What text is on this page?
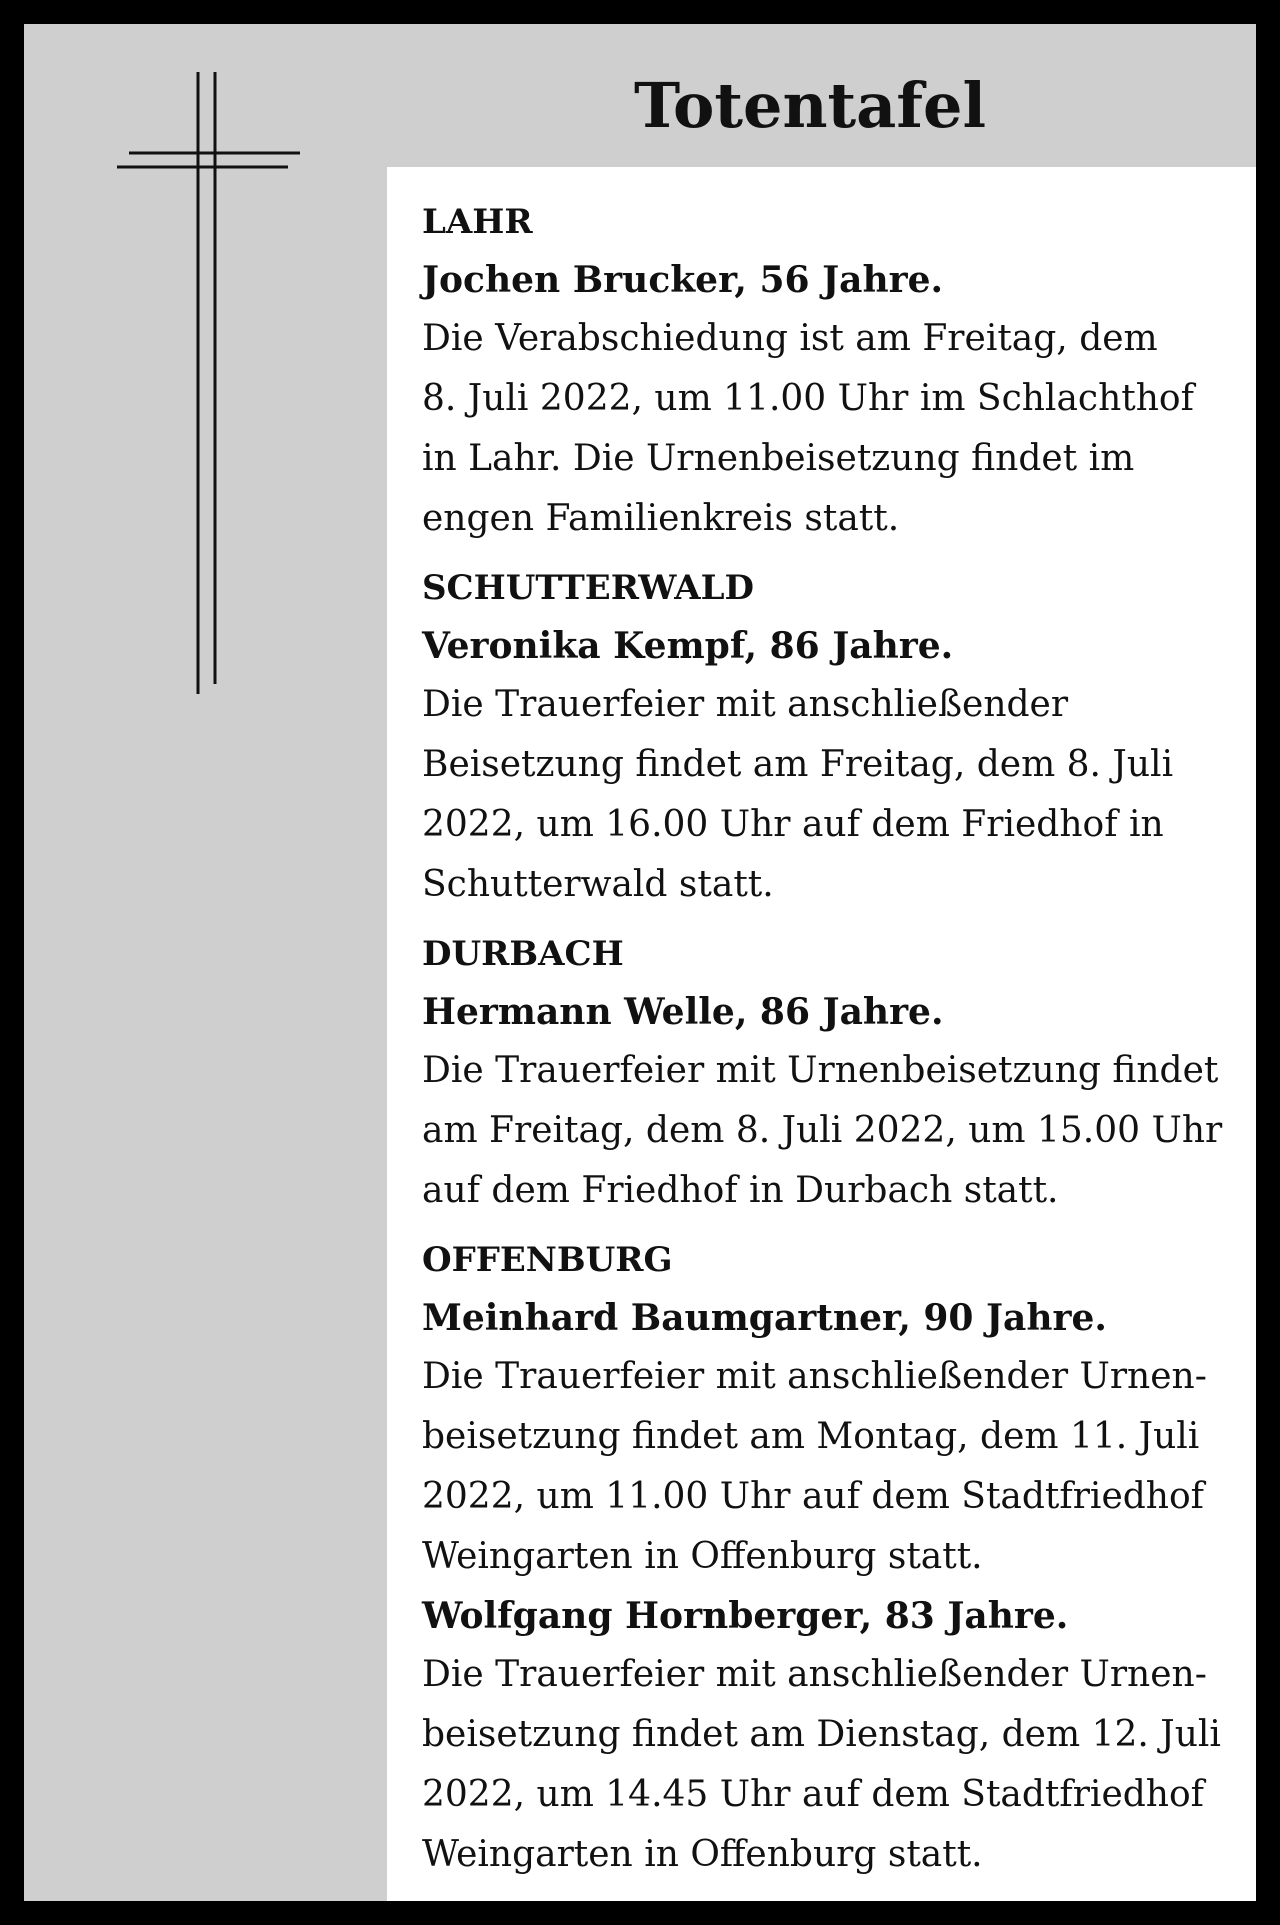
Totentafel

LAHR

Jochen Brucker, 56 Jahre.

Die Verabschiedung ist am Freitag, dem

8. Juli 2022, um 11.00 Uhr im Schlachthof

in Lahr. Die Urnenbeisetzung findet im

engen Familienkreis statt.

SCHUTTERWALD

Veronika Kempf, 86 Jahre.

Die Trauerfeier mit anschließender

Beisetzung findet am Freitag, dem 8. Juli

2022, um 16.00 Uhr auf dem Friedhof in

Schutterwald statt.

DURBACH

Hermann Welle, 86 Jahre.

Die Trauerfeier mit Urnenbeisetzung findet

am Freitag, dem 8. Juli 2022, um 15.00 Uhr

auf dem Friedhof in Durbach statt.

OFFENBURG

Meinhard Baumgartner, 90 Jahre.

Die Trauerfeier mit anschließender Urnen-

beisetzung findet am Montag, dem 11. Juli

2022, um 11.00 Uhr auf dem Stadtfriedhof

Weingarten in Offenburg statt.

Wolfgang Hornberger, 83 Jahre.

Die Trauerfeier mit anschließender Urnen-

beisetzung findet am Dienstag, dem 12. Juli

2022, um 14.45 Uhr auf dem Stadtfriedhof

Weingarten in Offenburg statt.
